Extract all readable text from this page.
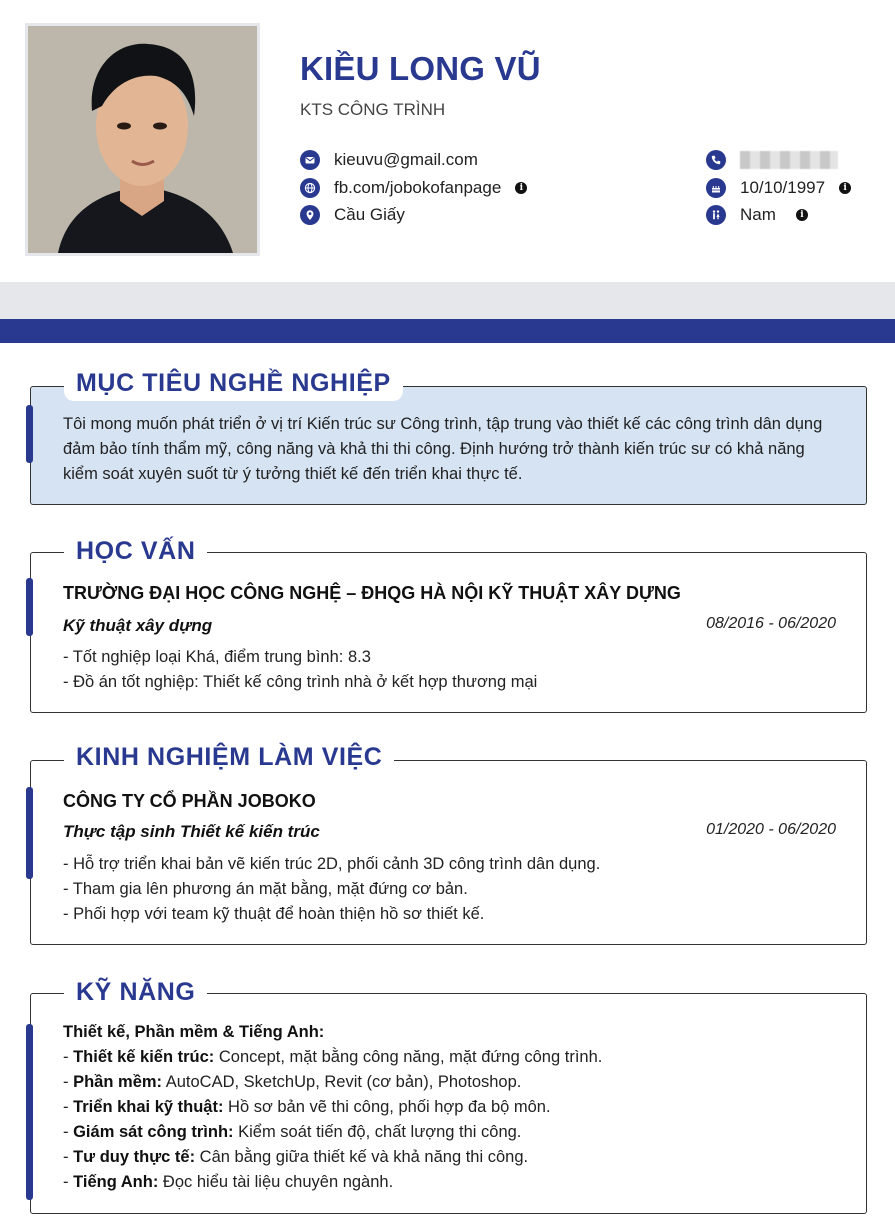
KIỀU LONG VŨ
KTS CÔNG TRÌNH
kieuvu@gmail.com
fb.com/jobokofanpage i
Cầu Giấy
10/10/1997 i
Nam	i
MỤC TIÊU NGHỀ NGHIỆP
Tôi mong muốn phát triển ở vị trí Kiến trúc sư Công trình, tập trung vào thiết kế các công trình dân dụng
đảm bảo tính thẩm mỹ, công năng và khả thi thi công. Định hướng trở thành kiến trúc sư có khả năng
kiểm soát xuyên suốt từ ý tưởng thiết kế đến triển khai thực tế.
HỌC VẤN
TRƯỜNG ĐẠI HỌC CÔNG NGHỆ – ĐHQG HÀ NỘI KỸ THUẬT XÂY DỰNG
Kỹ thuật xây dựng	08/2016 - 06/2020
- Tốt nghiệp loại Khá, điểm trung bình: 8.3
- Đồ án tốt nghiệp: Thiết kế công trình nhà ở kết hợp thương mại
KINH NGHIỆM LÀM VIỆC
CÔNG TY CỔ PHẦN JOBOKO
Thực tập sinh Thiết kế kiến trúc	01/2020 - 06/2020
- Hỗ trợ triển khai bản vẽ kiến trúc 2D, phối cảnh 3D công trình dân dụng.
- Tham gia lên phương án mặt bằng, mặt đứng cơ bản.
- Phối hợp với team kỹ thuật để hoàn thiện hồ sơ thiết kế.
KỸ NĂNG
Thiết kế, Phần mềm & Tiếng Anh:
- Thiết kế kiến trúc: Concept, mặt bằng công năng, mặt đứng công trình.
- Phần mềm: AutoCAD, SketchUp, Revit (cơ bản), Photoshop.
- Triển khai kỹ thuật: Hồ sơ bản vẽ thi công, phối hợp đa bộ môn.
- Giám sát công trình: Kiểm soát tiến độ, chất lượng thi công.
- Tư duy thực tế: Cân bằng giữa thiết kế và khả năng thi công.
- Tiếng Anh: Đọc hiểu tài liệu chuyên ngành.
